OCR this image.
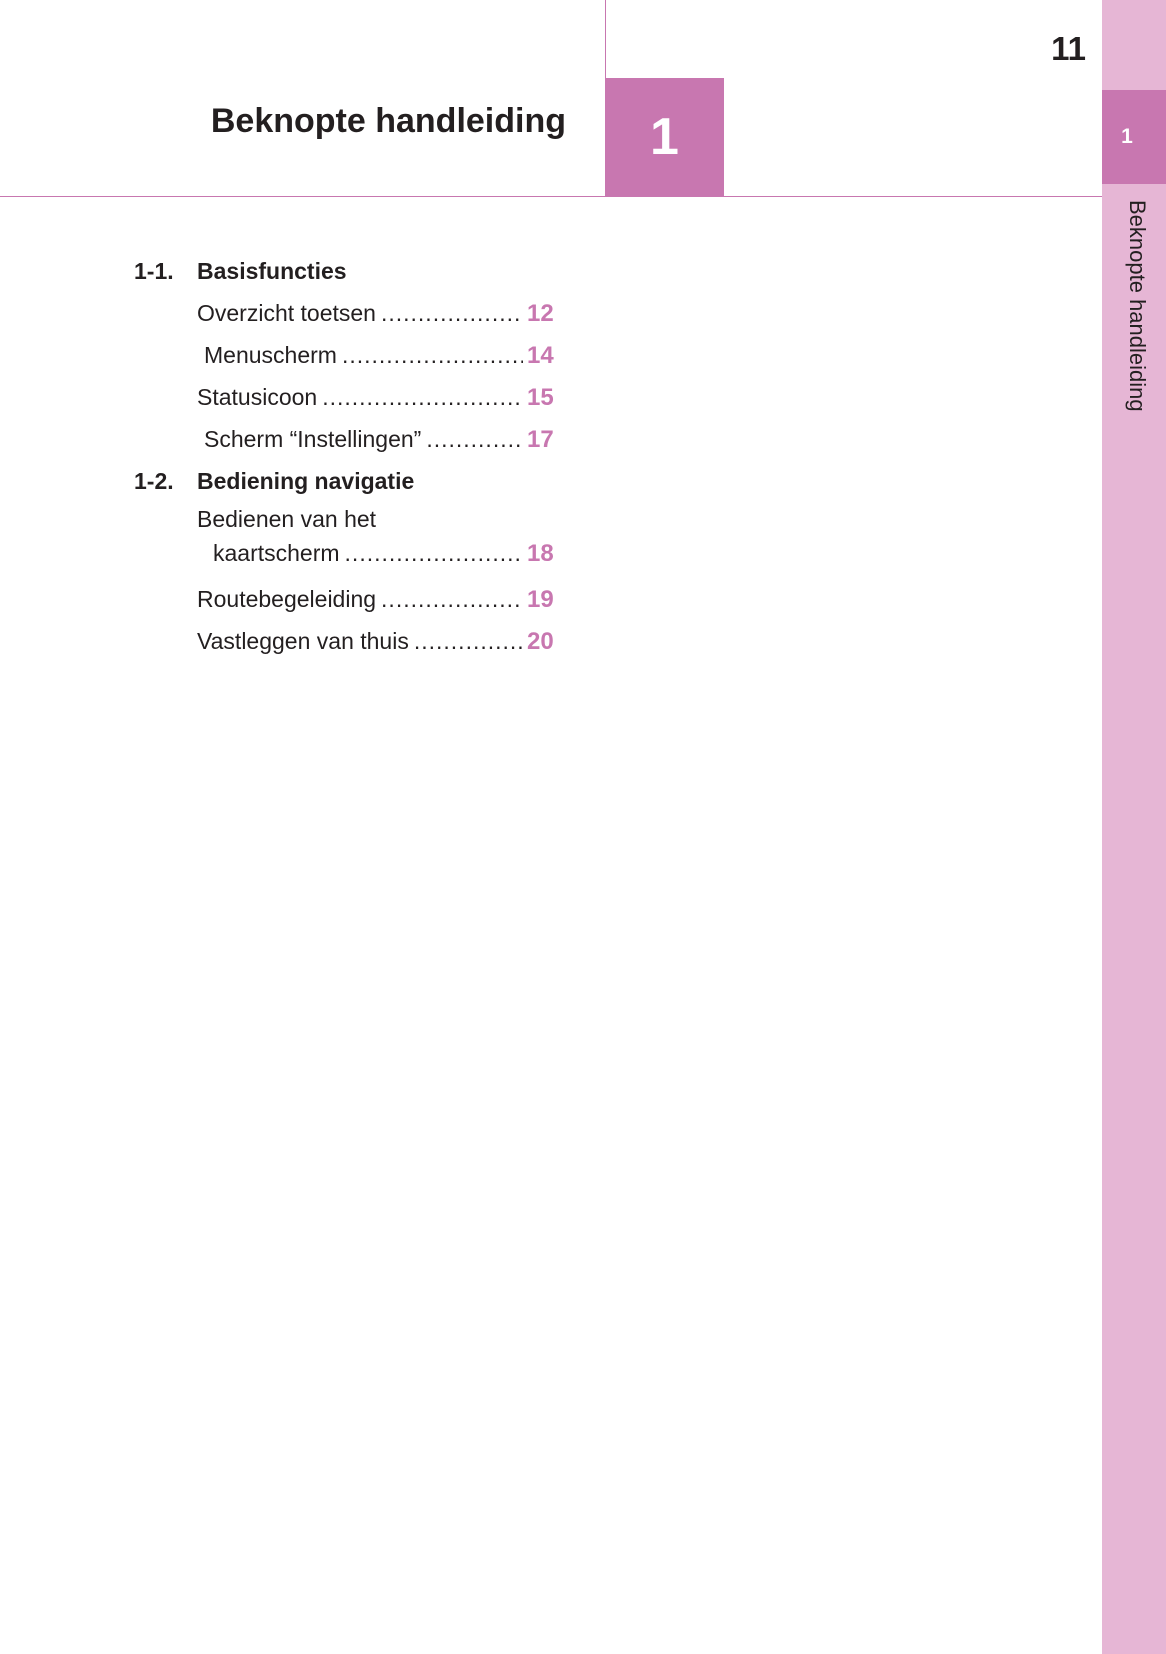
Beknopte handleiding 1
11
1
Beknopte handleiding
1-1.	Basisfuncties
Overzicht toetsen .....	12
Menuscherm .....	14
Statusicoon .....	15
Scherm “Instellingen” .....	17
1-2.	Bediening navigatie
Bedienen van het
kaartscherm .....	18
Routebegeleiding .....	19
Vastleggen van thuis .....	20
